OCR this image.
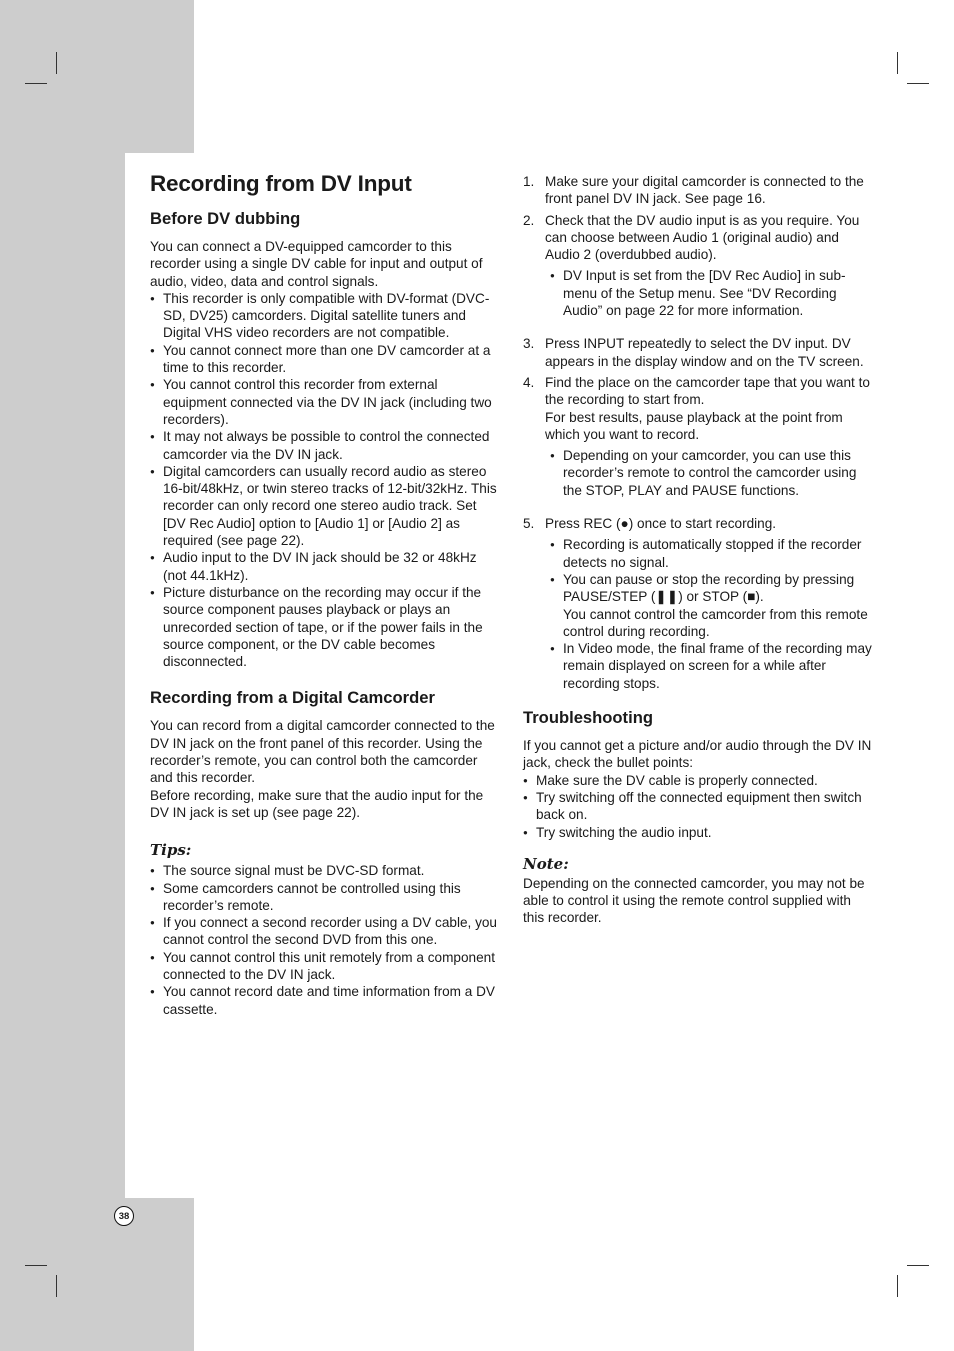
Recording from DV Input
Before DV dubbing

You can connect a DV-equipped camcorder to this recorder using a single DV cable for input and output of audio, video, data and control signals.

● This recorder is only compatible with DV-format (DVC-SD, DV25) camcorders. Digital satellite tuners and Digital VHS video recorders are not compatible.
● You cannot connect more than one DV camcorder at a time to this recorder.
● You cannot control this recorder from external equipment connected via the DV IN jack (including two recorders).
● It may not always be possible to control the connected camcorder via the DV IN jack.
● Digital camcorders can usually record audio as stereo 16-bit/48kHz, or twin stereo tracks of 12-bit/32kHz. This recorder can only record one stereo audio track. Set [DV Rec Audio] option to [Audio 1] or [Audio 2] as required (see page 22).
● Audio input to the DV IN jack should be 32 or 48kHz (not 44.1kHz).
● Picture disturbance on the recording may occur if the source component pauses playback or plays an unrecorded section of tape, or if the power fails in the source component, or the DV cable becomes disconnected.
Recording from a Digital Camcorder

You can record from a digital camcorder connected to the DV IN jack on the front panel of this recorder. Using the recorder’s remote, you can control both the camcorder and this recorder.

Before recording, make sure that the audio input for the DV IN jack is set up (see page 22).

Tips:
● The source signal must be DVC-SD format.
● Some camcorders cannot be controlled using this recorder’s remote.
● If you connect a second recorder using a DV cable, you cannot control the second DVD from this one.
● You cannot control this unit remotely from a component connected to the DV IN jack.
● You cannot record date and time information from a DV cassette.
1. Make sure your digital camcorder is connected to the front panel DV IN jack. See page 16.
2. Check that the DV audio input is as you require. You can choose between Audio 1 (original audio) and Audio 2 (overdubbed audio).
● DV Input is set from the [DV Rec Audio] in sub-menu of the Setup menu. See “DV Recording Audio” on page 22 for more information.
3. Press INPUT repeatedly to select the DV input. DV appears in the display window and on the TV screen.
4. Find the place on the camcorder tape that you want to the recording to start from.
For best results, pause playback at the point from which you want to record.
● Depending on your camcorder, you can use this recorder’s remote to control the camcorder using the STOP, PLAY and PAUSE functions.
5. Press REC (●) once to start recording.
● Recording is automatically stopped if the recorder detects no signal.
● You can pause or stop the recording by pressing PAUSE/STEP (❚❚) or STOP (■).
You cannot control the camcorder from this remote control during recording.
● In Video mode, the final frame of the recording may remain displayed on screen for a while after recording stops.
Troubleshooting

If you cannot get a picture and/or audio through the DV IN jack, check the bullet points:

● Make sure the DV cable is properly connected.
● Try switching off the connected equipment then switch back on.
● Try switching the audio input.
Note:

Depending on the connected camcorder, you may not be able to control it using the remote control supplied with this recorder.

38
